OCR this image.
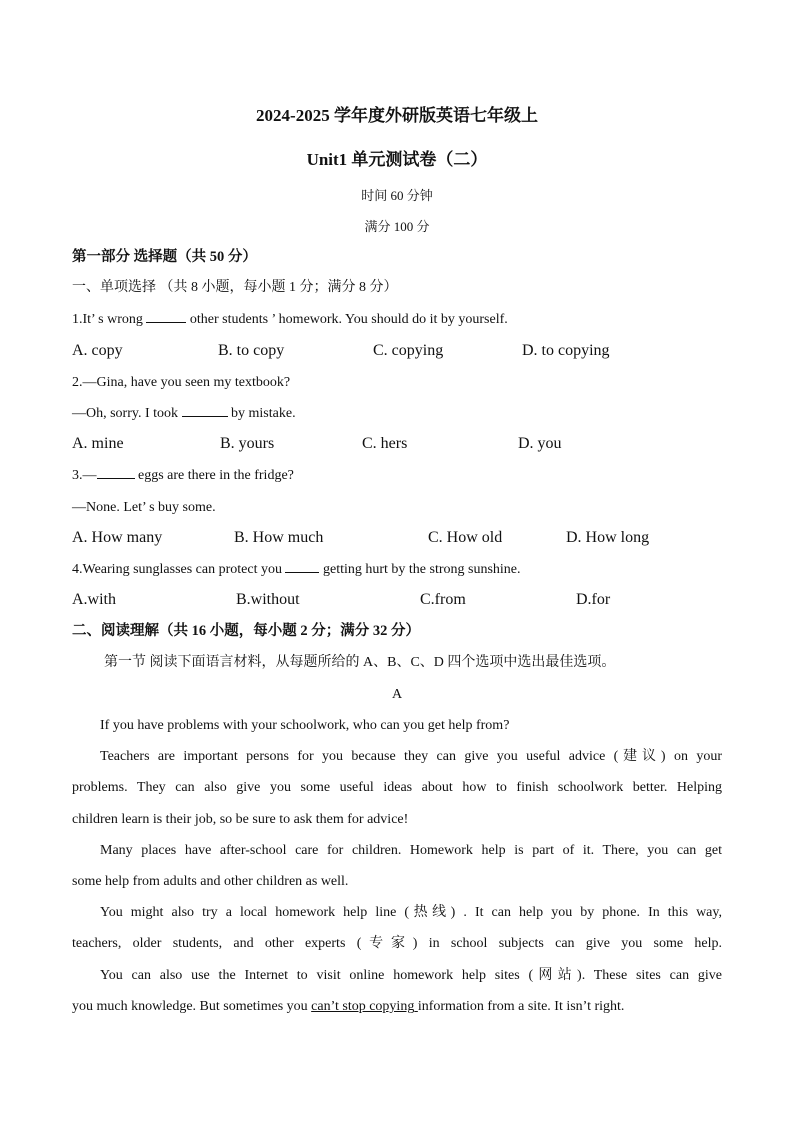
2024-2025 学年度外研版英语七年级上
Unit1 单元测试卷（二）
时间 60 分钟
满分 100 分
第一部分 选择题（共 50 分）
一、单项选择 （共 8 小题，每小题 1 分；满分 8 分）
1.It’ s wrong	other students ’ homework. You should do it by yourself.
A. copy	B. to copy	C. copying	D. to copying
2.—Gina, have you seen my textbook?
—Oh, sorry. I took	by mistake.
A. mine	B. yours	C. hers	D. you
3.—	eggs are there in the fridge?
—None. Let’ s buy some.
A. How many	B. How much	C. How old	D. How long
4.Wearing sunglasses can protect you	getting hurt by the strong sunshine.
A.with	B.without	C.from	D.for
二、阅读理解（共 16 小题，每小题 2 分；满分 32 分）
第一节 阅读下面语言材料，从每题所给的 A、B、C、D 四个选项中选出最佳选项。
A
If you have problems with your schoolwork, who can you get help from?
Teachers are important persons for you because they can give you useful advice (建议) on your
problems. They can also give you some useful ideas about how to finish schoolwork better. Helping
children learn is their job, so be sure to ask them for advice!
Many places have after-school care for children. Homework help is part of it. There, you can get
some help from adults and other children as well.
You might also try a local homework help line (热线) . It can help you by phone. In this way,
teachers, older students, and other experts (专家) in school subjects can give you some help.
You can also use the Internet to visit online homework help sites (网站). These sites can give
you much knowledge. But sometimes you can’t stop copying information from a site. It isn’t right.
